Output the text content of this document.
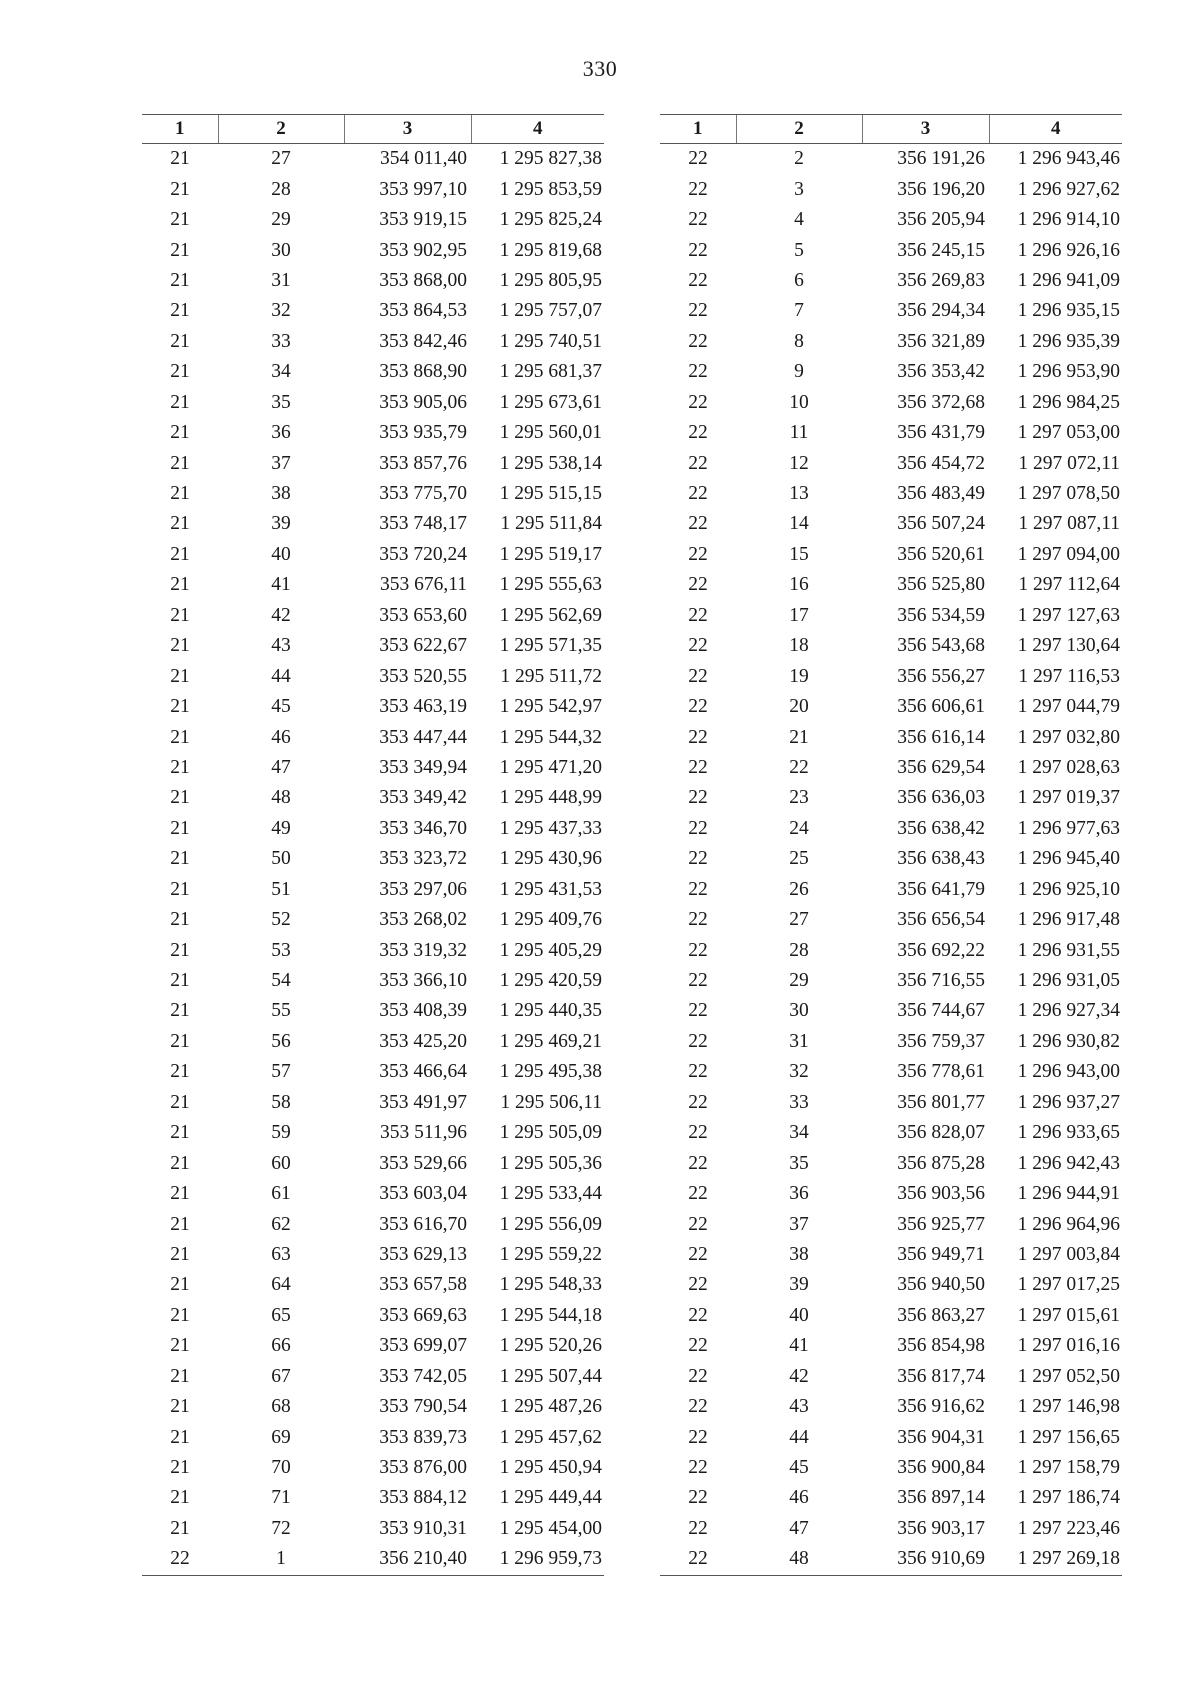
330
1	2	3	4
21	27	354 011,40	1 295 827,38
21	28	353 997,10	1 295 853,59
21	29	353 919,15	1 295 825,24
21	30	353 902,95	1 295 819,68
21	31	353 868,00	1 295 805,95
21	32	353 864,53	1 295 757,07
21	33	353 842,46	1 295 740,51
21	34	353 868,90	1 295 681,37
21	35	353 905,06	1 295 673,61
21	36	353 935,79	1 295 560,01
21	37	353 857,76	1 295 538,14
21	38	353 775,70	1 295 515,15
21	39	353 748,17	1 295 511,84
21	40	353 720,24	1 295 519,17
21	41	353 676,11	1 295 555,63
21	42	353 653,60	1 295 562,69
21	43	353 622,67	1 295 571,35
21	44	353 520,55	1 295 511,72
21	45	353 463,19	1 295 542,97
21	46	353 447,44	1 295 544,32
21	47	353 349,94	1 295 471,20
21	48	353 349,42	1 295 448,99
21	49	353 346,70	1 295 437,33
21	50	353 323,72	1 295 430,96
21	51	353 297,06	1 295 431,53
21	52	353 268,02	1 295 409,76
21	53	353 319,32	1 295 405,29
21	54	353 366,10	1 295 420,59
21	55	353 408,39	1 295 440,35
21	56	353 425,20	1 295 469,21
21	57	353 466,64	1 295 495,38
21	58	353 491,97	1 295 506,11
21	59	353 511,96	1 295 505,09
21	60	353 529,66	1 295 505,36
21	61	353 603,04	1 295 533,44
21	62	353 616,70	1 295 556,09
21	63	353 629,13	1 295 559,22
21	64	353 657,58	1 295 548,33
21	65	353 669,63	1 295 544,18
21	66	353 699,07	1 295 520,26
21	67	353 742,05	1 295 507,44
21	68	353 790,54	1 295 487,26
21	69	353 839,73	1 295 457,62
21	70	353 876,00	1 295 450,94
21	71	353 884,12	1 295 449,44
21	72	353 910,31	1 295 454,00
22	1	356 210,40	1 296 959,73
1	2	3	4
22	2	356 191,26	1 296 943,46
22	3	356 196,20	1 296 927,62
22	4	356 205,94	1 296 914,10
22	5	356 245,15	1 296 926,16
22	6	356 269,83	1 296 941,09
22	7	356 294,34	1 296 935,15
22	8	356 321,89	1 296 935,39
22	9	356 353,42	1 296 953,90
22	10	356 372,68	1 296 984,25
22	11	356 431,79	1 297 053,00
22	12	356 454,72	1 297 072,11
22	13	356 483,49	1 297 078,50
22	14	356 507,24	1 297 087,11
22	15	356 520,61	1 297 094,00
22	16	356 525,80	1 297 112,64
22	17	356 534,59	1 297 127,63
22	18	356 543,68	1 297 130,64
22	19	356 556,27	1 297 116,53
22	20	356 606,61	1 297 044,79
22	21	356 616,14	1 297 032,80
22	22	356 629,54	1 297 028,63
22	23	356 636,03	1 297 019,37
22	24	356 638,42	1 296 977,63
22	25	356 638,43	1 296 945,40
22	26	356 641,79	1 296 925,10
22	27	356 656,54	1 296 917,48
22	28	356 692,22	1 296 931,55
22	29	356 716,55	1 296 931,05
22	30	356 744,67	1 296 927,34
22	31	356 759,37	1 296 930,82
22	32	356 778,61	1 296 943,00
22	33	356 801,77	1 296 937,27
22	34	356 828,07	1 296 933,65
22	35	356 875,28	1 296 942,43
22	36	356 903,56	1 296 944,91
22	37	356 925,77	1 296 964,96
22	38	356 949,71	1 297 003,84
22	39	356 940,50	1 297 017,25
22	40	356 863,27	1 297 015,61
22	41	356 854,98	1 297 016,16
22	42	356 817,74	1 297 052,50
22	43	356 916,62	1 297 146,98
22	44	356 904,31	1 297 156,65
22	45	356 900,84	1 297 158,79
22	46	356 897,14	1 297 186,74
22	47	356 903,17	1 297 223,46
22	48	356 910,69	1 297 269,18
